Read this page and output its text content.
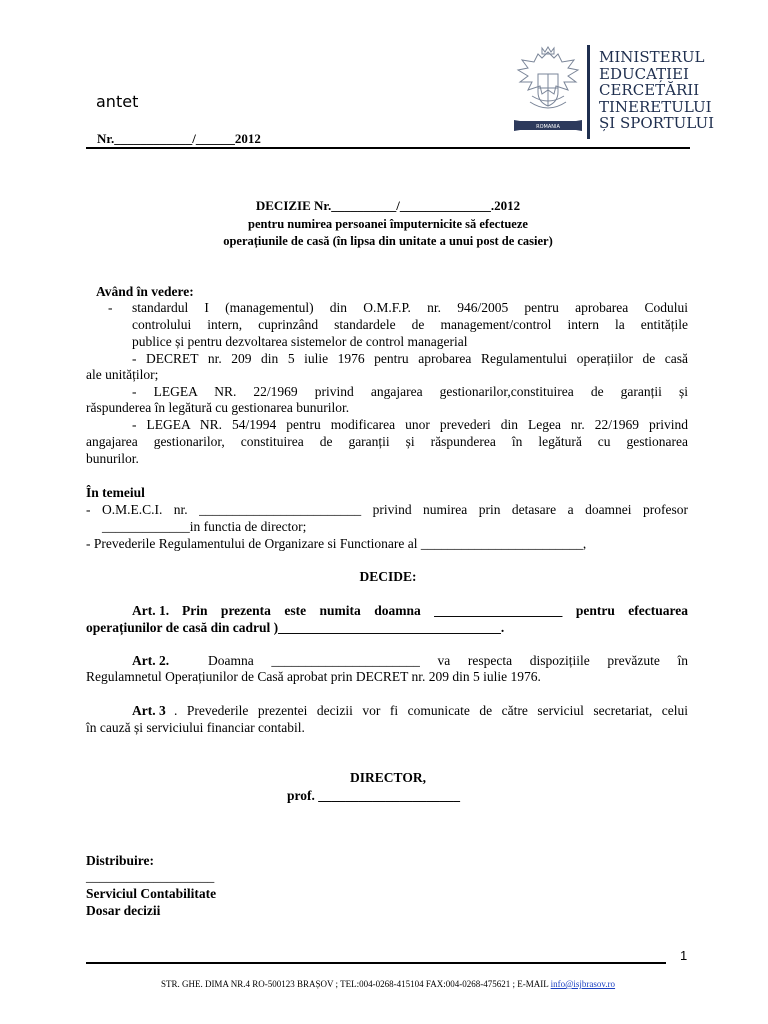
antet
Nr.____________/______2012
ROMANIA
MINISTERUL
EDUCAȚIEI
CERCETĂRII
TINERETULUI
ȘI SPORTULUI
DECIZIE Nr.__________/______________.2012
pentru numirea persoanei împuternicite să efectueze
operațiunile de casă (în lipsa din unitate a unui post de casier)
Având în vedere:
- standardul I (managementul) din O.M.F.P. nr. 946/2005 pentru aprobarea Codului
controlului intern, cuprinzând standardele de management/control intern la entitățile
publice și pentru dezvoltarea sistemelor de control managerial
- DECRET nr. 209 din 5 iulie 1976 pentru aprobarea Regulamentului operațiilor de casă
ale unităților;
- LEGEA NR. 22/1969 privind angajarea gestionarilor,constituirea de garanții și
răspunderea în legătură cu gestionarea bunurilor.
- LEGEA NR. 54/1994 pentru modificarea unor prevederi din Legea nr. 22/1969 privind
angajarea gestionarilor, constituirea de garanții și răspunderea în legătură cu gestionarea
bunurilor.
În temeiul
- O.M.E.C.I. nr. ________________________ privind numirea prin detasare a doamnei profesor
_____________in functia de director;
- Prevederile Regulamentului de Organizare si Functionare al ________________________,
DECIDE:
Art. 1. Prin prezenta este numita doamna ___________________ pentru efectuarea
operațiunilor de casă din cadrul )_________________________________.
Art. 2.	Doamna ______________________ va respecta dispozițiile prevăzute în
Regulamnetul Operațiunilor de Casă aprobat prin DECRET nr. 209 din 5 iulie 1976.
Art. 3 . Prevederile prezentei decizii vor fi comunicate de către serviciul secretariat, celui
în cauză și serviciului financiar contabil.
DIRECTOR,
prof. _____________________
Distribuire:
___________________
Serviciul Contabilitate
Dosar decizii
1
STR. GHE. DIMA NR.4 RO-500123 BRAȘOV ; TEL:004-0268-415104 FAX:004-0268-475621 ; E-MAIL info@isjbrasov.ro
